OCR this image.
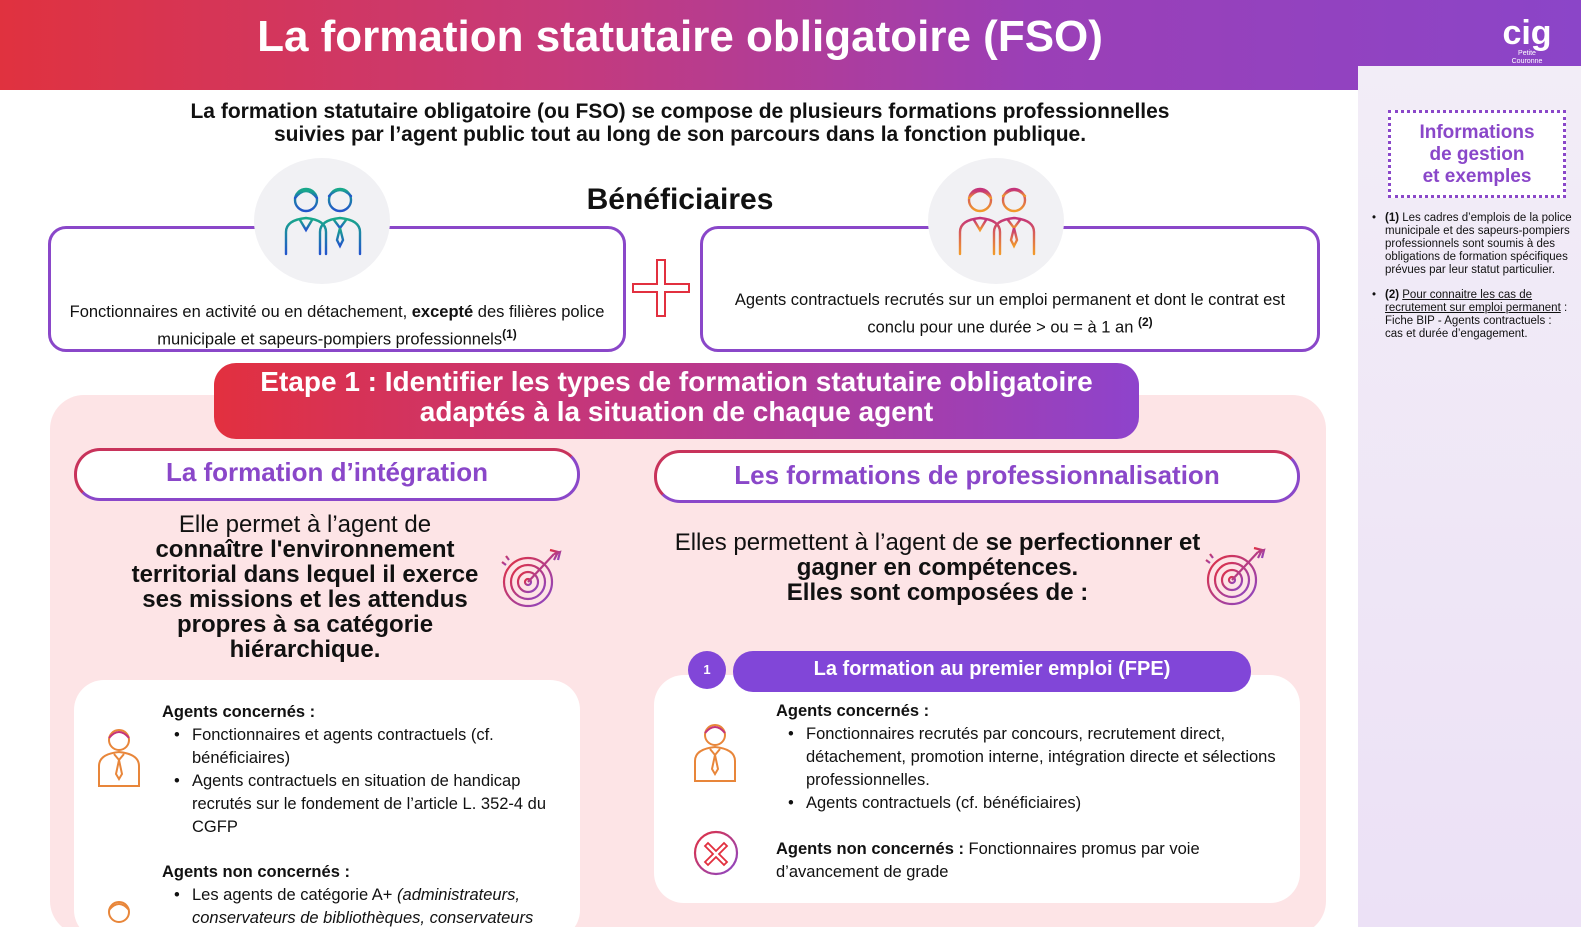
La formation statutaire obligatoire (FSO)	cig
Petite
Couronne
Informations
de gestion
et exemples
• (1) Les cadres d’emplois de la police municipale et des sapeurs-pompiers professionnels sont soumis à des obligations de formation spécifiques prévues par leur statut particulier.
• (2) Pour connaitre les cas de recrutement sur emploi permanent : Fiche BIP - Agents contractuels : cas et durée d’engagement.
La formation statutaire obligatoire (ou FSO) se compose de plusieurs formations professionnelles
suivies par l’agent public tout au long de son parcours dans la fonction publique.
Bénéficiaires
Fonctionnaires en activité ou en détachement, excepté des filières police municipale et sapeurs-pompiers professionnels$^{(1)}$
Agents contractuels recrutés sur un emploi permanent et dont le contrat est conclu pour une durée > ou = à 1 an $^{(2)}$
Etape 1 : Identifier les types de formation statutaire obligatoire
adaptés à la situation de chaque agent
La formation d’intégration
Elle permet à l’agent de
connaître l'environnement territorial dans lequel il exerce ses missions et les attendus propres à sa catégorie hiérarchique.
Agents concernés :
• Fonctionnaires et agents contractuels (cf. bénéficiaires)
• Agents contractuels en situation de handicap recrutés sur le fondement de l’article L. 352-4 du CGFP
Agents non concernés :
• Les agents de catégorie A+ (administrateurs, conservateurs de bibliothèques, conservateurs
Les formations de professionnalisation
Elles permettent à l’agent de se perfectionner et gagner en compétences.
Elles sont composées de :
1	La formation au premier emploi (FPE)
Agents concernés :
• Fonctionnaires recrutés par concours, recrutement direct, détachement, promotion interne, intégration directe et sélections professionnelles.
• Agents contractuels (cf. bénéficiaires)
Agents non concernés : Fonctionnaires promus par voie d’avancement de grade
